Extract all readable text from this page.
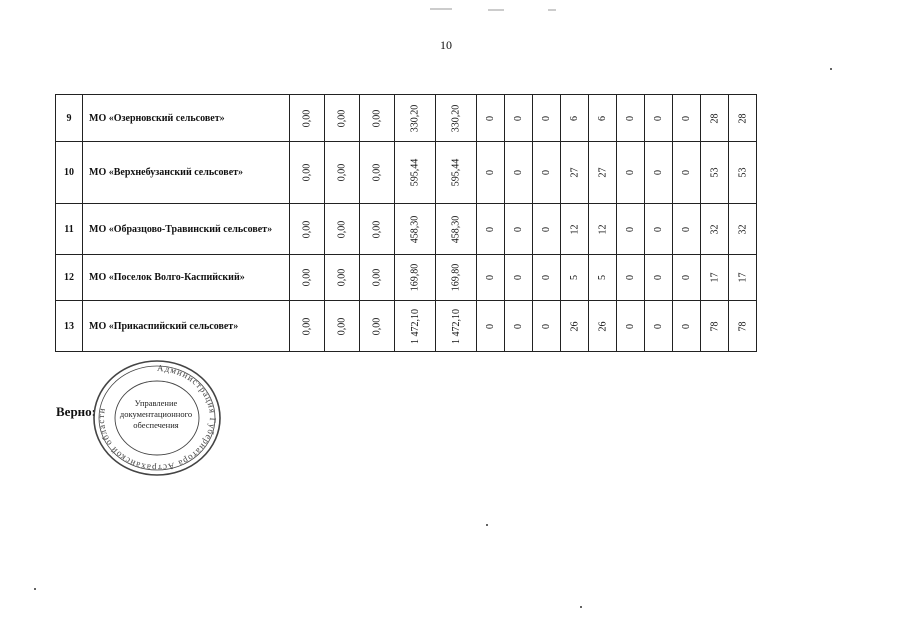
10
9	МО «Озерновский сельсовет»	0,00	0,00	0,00	330,20	330,20	0	0	0	6	6	0	0	0	28	28
10	МО «Верхнебузанский сельсовет»	0,00	0,00	0,00	595,44	595,44	0	0	0	27	27	0	0	0	53	53
11	МО «Образцово-Травинский сельсовет»	0,00	0,00	0,00	458,30	458,30	0	0	0	12	12	0	0	0	32	32
12	МО «Поселок Волго-Каспийский»	0,00	0,00	0,00	169,80	169,80	0	0	0	5	5	0	0	0	17	17
13	МО «Прикаспийский сельсовет»	0,00	0,00	0,00	1 472,10	1 472,10	0	0	0	26	26	0	0	0	78	78
Верно:
Администрация Губернатора Астраханской области
Управление
документационного
обеспечения
